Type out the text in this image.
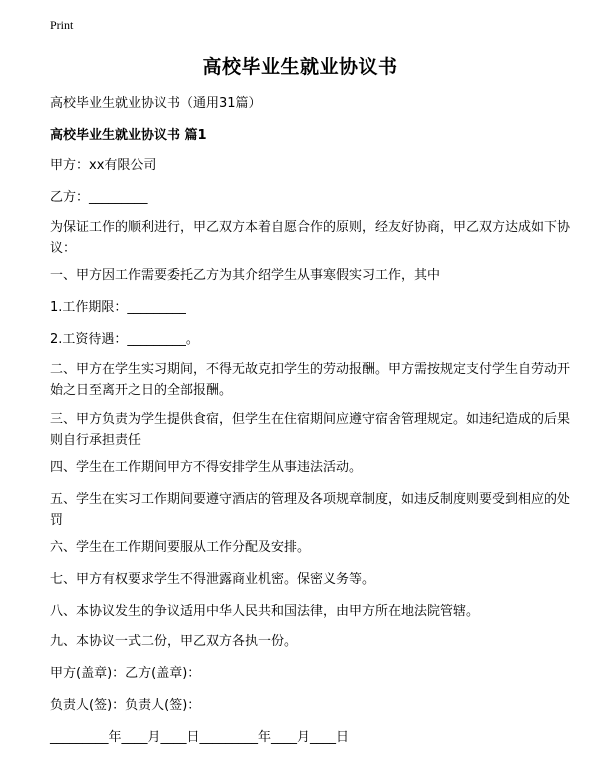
Print
高校毕业生就业协议书
高校毕业生就业协议书（通用31篇）
高校毕业生就业协议书 篇1
甲方：xx有限公司
乙方：_________
为保证工作的顺利进行，甲乙双方本着自愿合作的原则，经友好协商，甲乙双方达成如下协议：
一、甲方因工作需要委托乙方为其介绍学生从事寒假实习工作，其中
1.工作期限：_________
2.工资待遇：_________。
二、甲方在学生实习期间，不得无故克扣学生的劳动报酬。甲方需按规定支付学生自劳动开始之日至离开之日的全部报酬。
三、甲方负责为学生提供食宿，但学生在住宿期间应遵守宿舍管理规定。如违纪造成的后果则自行承担责任
四、学生在工作期间甲方不得安排学生从事违法活动。
五、学生在实习工作期间要遵守酒店的管理及各项规章制度，如违反制度则要受到相应的处罚
六、学生在工作期间要服从工作分配及安排。
七、甲方有权要求学生不得泄露商业机密。保密义务等。
八、本协议发生的争议适用中华人民共和国法律，由甲方所在地法院管辖。
九、本协议一式二份，甲乙双方各执一份。
甲方(盖章)：乙方(盖章)：
负责人(签)：负责人(签)：
_________年____月____日_________年____月____日
